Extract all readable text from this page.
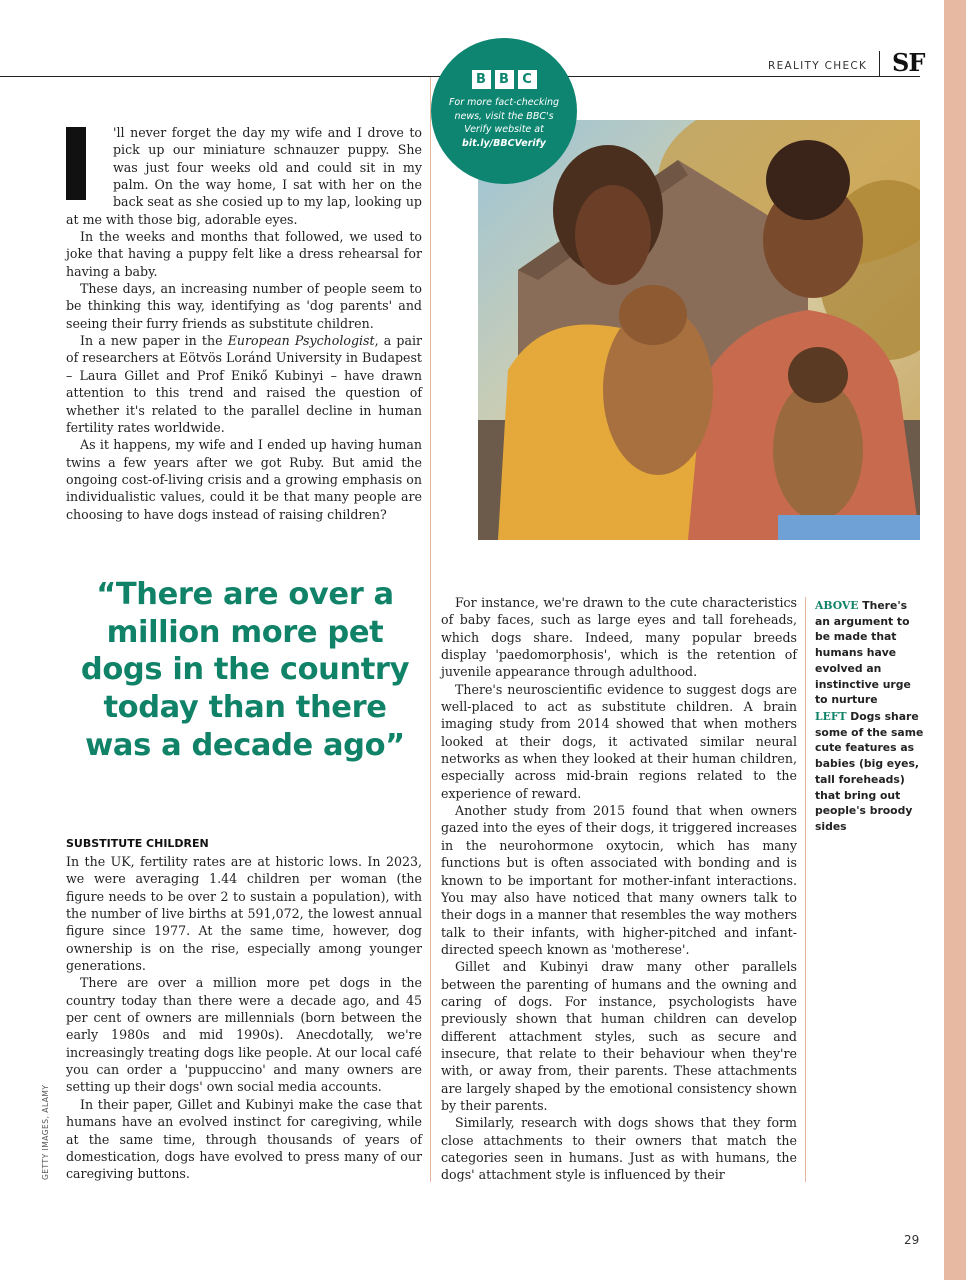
REALITY CHECK SF
B	B	C
For more fact-checking news, visit the BBC's Verify website at bit.ly/BBCVerify

'll never forget the day my wife and I drove to pick up our miniature schnauzer puppy. She was just four weeks old and could sit in my palm. On the way home, I sat with her on the back seat as she cosied up to my lap, looking up at me with those big, adorable eyes.

In the weeks and months that followed, we used to joke that having a puppy felt like a dress rehearsal for having a baby.

These days, an increasing number of people seem to be thinking this way, identifying as 'dog parents' and seeing their furry friends as substitute children.

In a new paper in the European Psychologist, a pair of researchers at Eötvös Loránd University in Budapest – Laura Gillet and Prof Enikő Kubinyi – have drawn attention to this trend and raised the question of whether it's related to the parallel decline in human fertility rates worldwide.

As it happens, my wife and I ended up having human twins a few years after we got Ruby. But amid the ongoing cost-of-living crisis and a growing emphasis on individualistic values, could it be that many people are choosing to have dogs instead of raising children?

“There are over a million more pet dogs in the country today than there was a decade ago”
SUBSTITUTE CHILDREN

In the UK, fertility rates are at historic lows. In 2023, we were averaging 1.44 children per woman (the figure needs to be over 2 to sustain a population), with the number of live births at 591,072, the lowest annual figure since 1977. At the same time, however, dog ownership is on the rise, especially among younger generations.

There are over a million more pet dogs in the country today than there were a decade ago, and 45 per cent of owners are millennials (born between the early 1980s and mid 1990s). Anecdotally, we're increasingly treating dogs like people. At our local café you can order a 'puppuccino' and many owners are setting up their dogs' own social media accounts.

In their paper, Gillet and Kubinyi make the case that humans have an evolved instinct for caregiving, while at the same time, through thousands of years of domestication, dogs have evolved to press many of our caregiving buttons.

For instance, we're drawn to the cute characteristics of baby faces, such as large eyes and tall foreheads, which dogs share. Indeed, many popular breeds display 'paedomorphosis', which is the retention of juvenile appearance through adulthood.

There's neuroscientific evidence to suggest dogs are well-placed to act as substitute children. A brain imaging study from 2014 showed that when mothers looked at their dogs, it activated similar neural networks as when they looked at their human children, especially across mid-brain regions related to the experience of reward.

Another study from 2015 found that when owners gazed into the eyes of their dogs, it triggered increases in the neurohormone oxytocin, which has many functions but is often associated with bonding and is known to be important for mother-infant interactions. You may also have noticed that many owners talk to their dogs in a manner that resembles the way mothers talk to their infants, with higher-pitched and infant-directed speech known as 'motherese'.

Gillet and Kubinyi draw many other parallels between the parenting of humans and the owning and caring of dogs. For instance, psychologists have previously shown that human children can develop different attachment styles, such as secure and insecure, that relate to their behaviour when they're with, or away from, their parents. These attachments are largely shaped by the emotional consistency shown by their parents.

Similarly, research with dogs shows that they form close attachments to their owners that match the categories seen in humans. Just as with humans, the dogs' attachment style is influenced by their

ABOVE There's an argument to be made that humans have evolved an instinctive urge to nurture
LEFT Dogs share some of the same cute features as babies (big eyes, tall foreheads) that bring out people's broody sides
GETTY IMAGES, ALAMY
29
